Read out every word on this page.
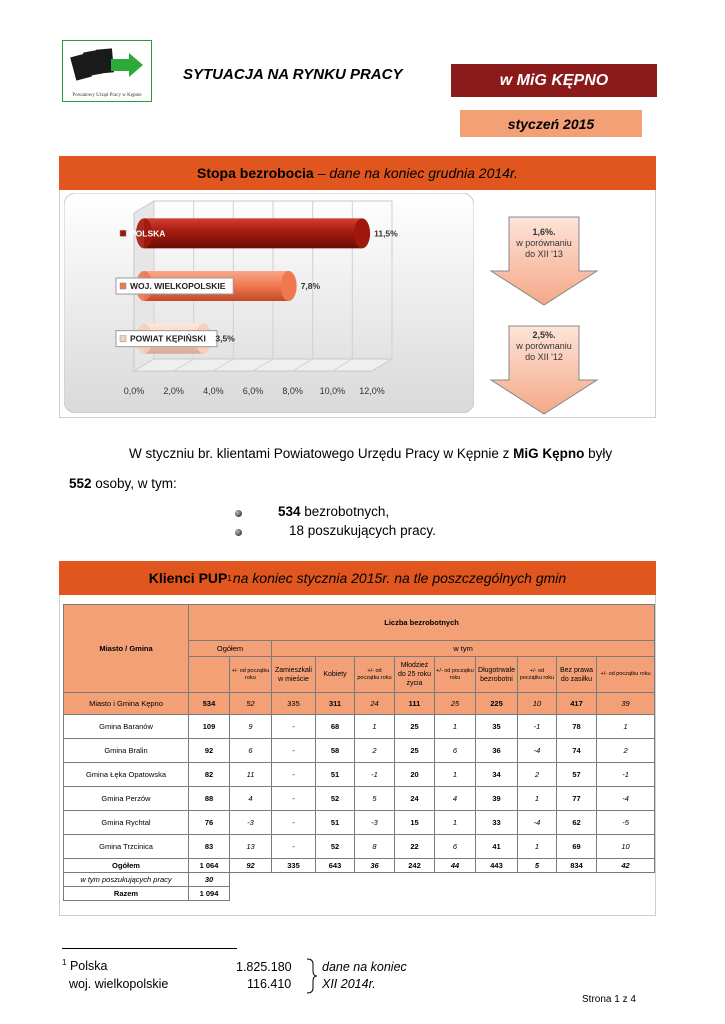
Powiatowy Urząd Pracy w Kępnie
SYTUACJA NA RYNKU PRACY	w MiG KĘPNO
styczeń 2015
Stopa bezrobocia – dane na koniec grudnia 2014r.
0,0% 2,0% 4,0% 6,0% 8,0% 10,0% 12,0%
POLSKA	11,5%
WOJ. WIELKOPOLSKIE	7,8%
POWIAT KĘPIŃSKI 3,5%
1,6%.
w porównaniu
do XII '13
2,5%.
w porównaniu
do XII '12
W styczniu br. klientami Powiatowego Urzędu Pracy w Kępnie z MiG Kępno były
552 osoby, w tym:
534 bezrobotnych,
18 poszukujących pracy.
Klienci PUP 1 na koniec stycznia 2015r. na tle poszczególnych gmin
Miasto / Gmina	Liczba bezrobotnych										
	Ogółem		w tym								
		+/- od początku roku	Zamieszkali w mieście	Kobiety	+/- od początku roku	Młodzież do 25 roku życia	+/- od początku roku	Długotrwale bezrobotni	+/- od początku roku	Bez prawa do zasiłku	+/- od początku roku
Miasto i Gmina Kępno	534	52	335	311	24	111	25	225	10	417	39
Gmina Baranów	109	9	-	68	1	25	1	35	-1	78	1
Gmina Bralin	92	6	-	58	2	25	6	36	-4	74	2
Gmina Łęka Opatowska	82	11	-	51	-1	20	1	34	2	57	-1
Gmina Perzów	88	4	-	52	5	24	4	39	1	77	-4
Gmina Rychtal	76	-3	-	51	-3	15	1	33	-4	62	-5
Gmina Trzcinica	83	13	-	52	8	22	6	41	1	69	10
Ogółem	1 064	92	335	643	36	242	44	443	5	834	42
w tym poszukujących pracy	30										
Razem	1 094										
$^1$ Polska	1.825.180
woj. wielkopolskie	116.410
dane na koniec
XII 2014r.
Strona 1 z 4
